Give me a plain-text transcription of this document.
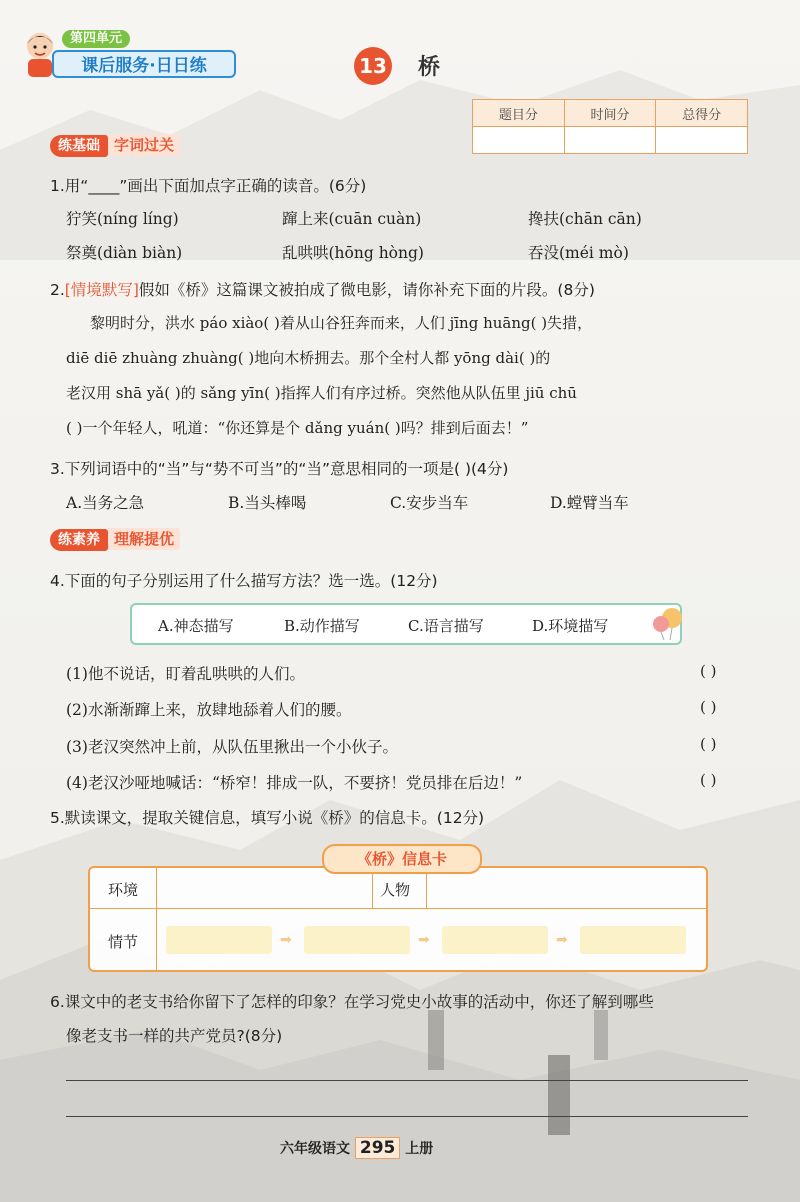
第四单元
课后服务·日日练	13 桥
题目分	时间分	总得分

练基础 字词过关
1.用“____”画出下面加点字正确的读音。(6分)
狞笑(níng líng)	蹿上来(cuān cuàn)	搀扶(chān cān)
祭奠(diàn biàn)	乱哄哄(hōng hòng)	吞没(méi mò)
2.[情境默写]假如《桥》这篇课文被拍成了微电影，请你补充下面的片段。(8分)
黎明时分，洪水 páo xiào( )着从山谷狂奔而来，人们 jīng huāng( )失措，
diē diē zhuàng zhuàng( )地向木桥拥去。那个全村人都 yōng dài( )的
老汉用 shā yǎ( )的 sǎng yīn( )指挥人们有序过桥。突然他从队伍里 jiū chū
( )一个年轻人，吼道：“你还算是个 dǎng yuán( )吗？排到后面去！”
3.下列词语中的“当”与“势不可当”的“当”意思相同的一项是( )(4分)
A.当务之急	B.当头棒喝	C.安步当车	D.螳臂当车
练素养 理解提优
4.下面的句子分别运用了什么描写方法？选一选。(12分)
A.神态描写	B.动作描写	C.语言描写	D.环境描写
(1)他不说话，盯着乱哄哄的人们。	( )
(2)水渐渐蹿上来，放肆地舔着人们的腰。	( )
(3)老汉突然冲上前，从队伍里揪出一个小伙子。	( )
(4)老汉沙哑地喊话：“桥窄！排成一队，不要挤！党员排在后边！”	( )
5.默读课文，提取关键信息，填写小说《桥》的信息卡。(12分)
环境	人物
情节	➡	➡	➡
《桥》信息卡
6.课文中的老支书给你留下了怎样的印象？在学习党史小故事的活动中，你还了解到哪些
像老支书一样的共产党员?(8分)
六年级语文 295 上册
